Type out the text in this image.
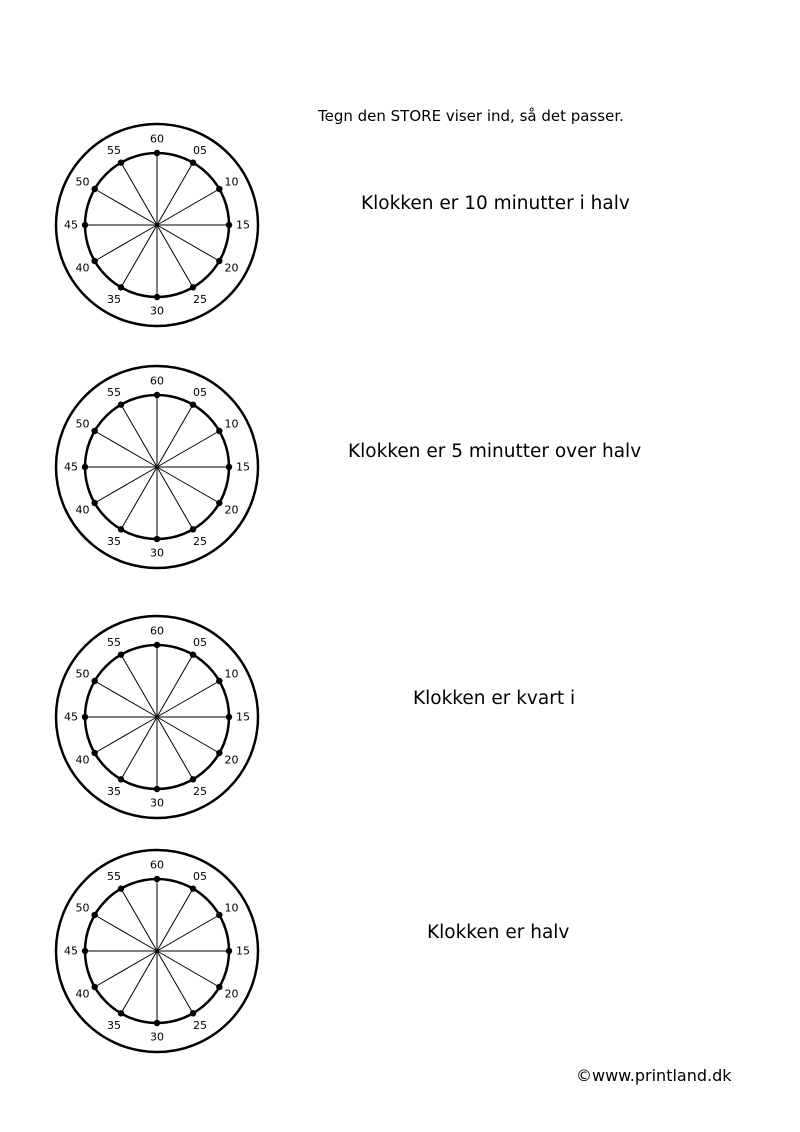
Tegn den STORE viser ind, så det passer.
60
05
10
15
20
25
30
35
40
45
50
55
Klokken er 10 minutter i halv
60
05
10
15
20
25
30
35
40
45
50
55
Klokken er 5 minutter over halv
60
05
10
15
20
25
30
35
40
45
50
55
Klokken er kvart i
60
05
10
15
20
25
30
35
40
45
50
55
Klokken er halv
©www.printland.dk
